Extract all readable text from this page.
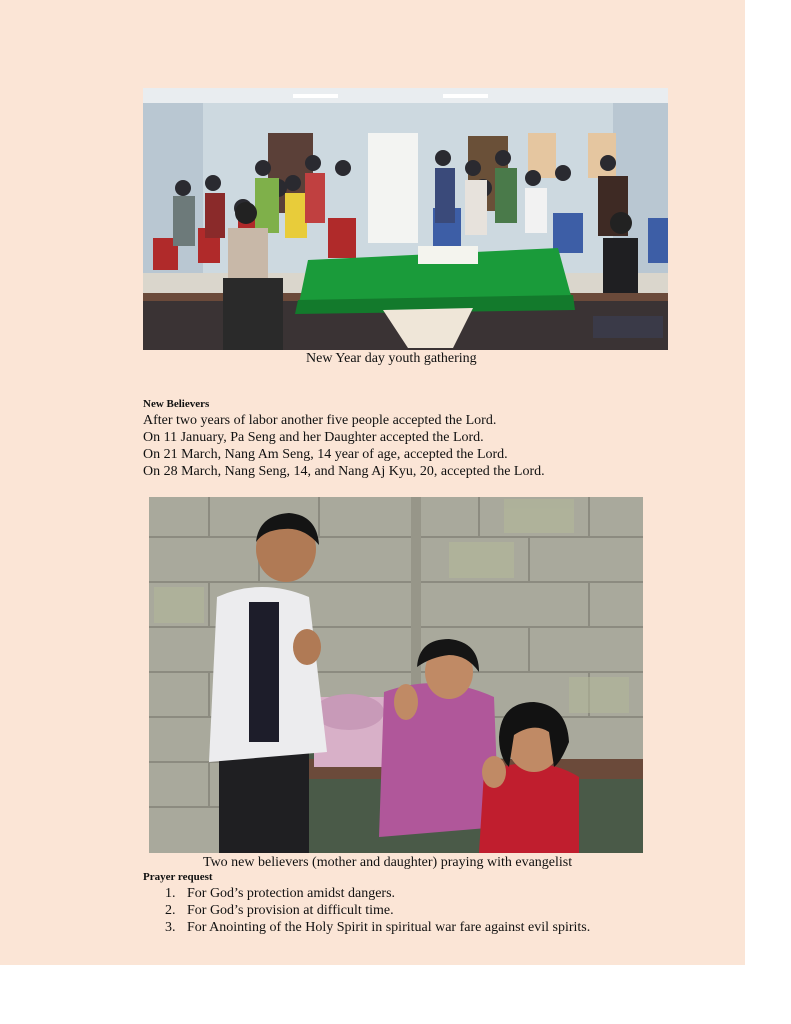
New Year day youth gathering
New Believers
After two years of labor another five people accepted the Lord.
On 11 January, Pa Seng and her Daughter accepted the Lord.
On 21 March, Nang Am Seng, 14 year of age, accepted the Lord.
On 28 March, Nang Seng, 14, and Nang Aj Kyu, 20, accepted the Lord.
Two new believers (mother and daughter) praying with evangelist
Prayer request
1. For God’s protection amidst dangers.
2. For God’s provision at difficult time.
3. For Anointing of the Holy Spirit in spiritual war fare against evil spirits.
